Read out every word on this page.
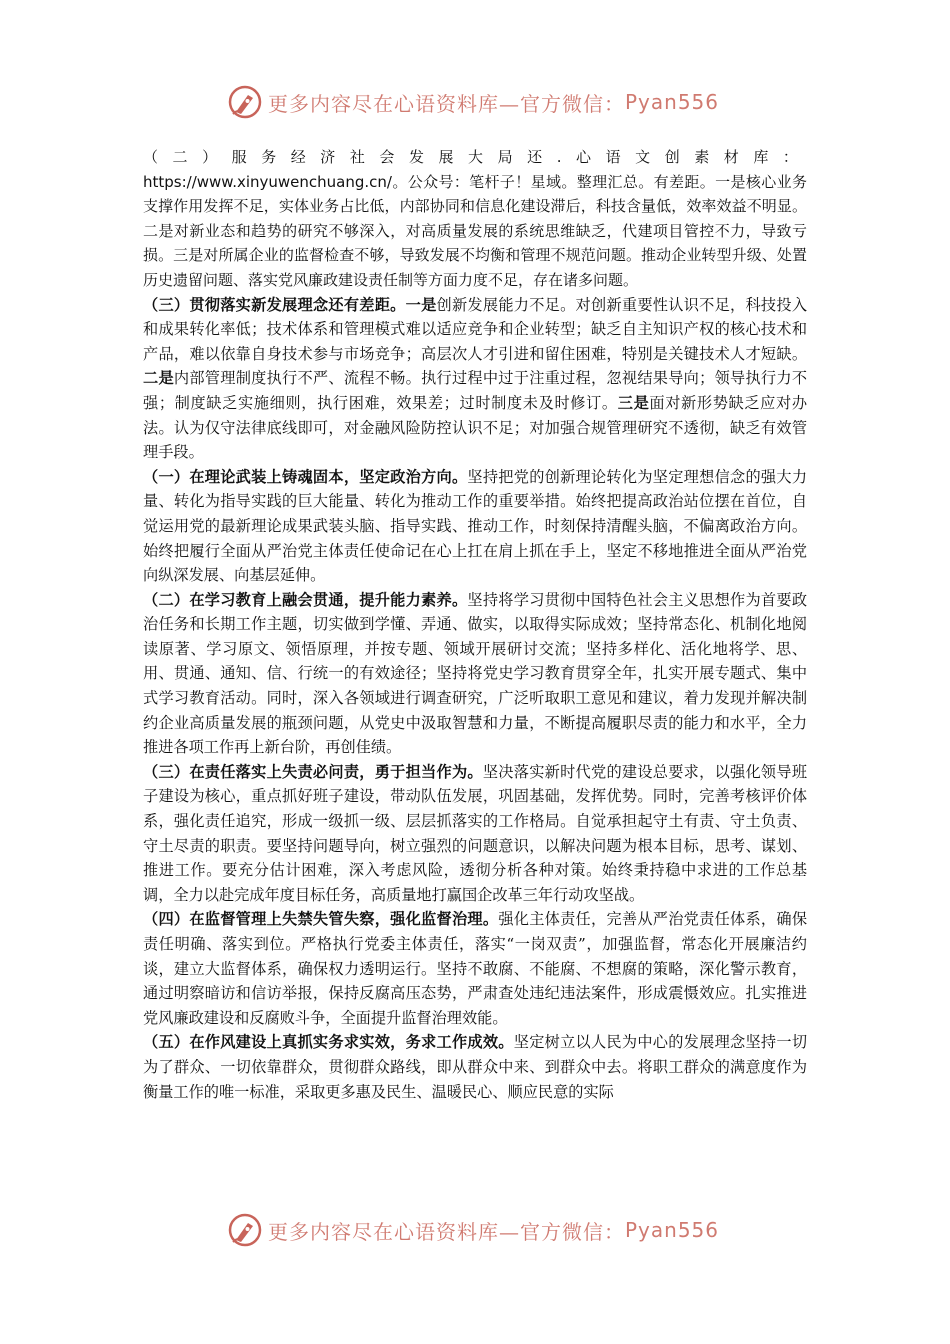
更多内容尽在心语资料库—官方微信： Pyan556

（二）服务经济社会发展大局还.心语文创素材库：https://www.xinyuwenchuang.cn/。公众号：笔杆子！星域。整理汇总。有差距。一是核心业务支撑作用发挥不足，实体业务占比低，内部协同和信息化建设滞后，科技含量低，效率效益不明显。二是对新业态和趋势的研究不够深入，对高质量发展的系统思维缺乏，代建项目管控不力，导致亏损。三是对所属企业的监督检查不够，导致发展不均衡和管理不规范问题。推动企业转型升级、处置历史遗留问题、落实党风廉政建设责任制等方面力度不足，存在诸多问题。

（三）贯彻落实新发展理念还有差距。一是创新发展能力不足。对创新重要性认识不足，科技投入和成果转化率低；技术体系和管理模式难以适应竞争和企业转型；缺乏自主知识产权的核心技术和产品，难以依靠自身技术参与市场竞争；高层次人才引进和留住困难，特别是关键技术人才短缺。二是内部管理制度执行不严、流程不畅。执行过程中过于注重过程，忽视结果导向；领导执行力不强；制度缺乏实施细则，执行困难，效果差；过时制度未及时修订。三是面对新形势缺乏应对办法。认为仅守法律底线即可，对金融风险防控认识不足；对加强合规管理研究不透彻，缺乏有效管理手段。

（一）在理论武装上铸魂固本，坚定政治方向。坚持把党的创新理论转化为坚定理想信念的强大力量、转化为指导实践的巨大能量、转化为推动工作的重要举措。始终把提高政治站位摆在首位，自觉运用党的最新理论成果武装头脑、指导实践、推动工作，时刻保持清醒头脑，不偏离政治方向。始终把履行全面从严治党主体责任使命记在心上扛在肩上抓在手上，坚定不移地推进全面从严治党向纵深发展、向基层延伸。

（二）在学习教育上融会贯通，提升能力素养。坚持将学习贯彻中国特色社会主义思想作为首要政治任务和长期工作主题，切实做到学懂、弄通、做实，以取得实际成效；坚持常态化、机制化地阅读原著、学习原文、领悟原理，并按专题、领域开展研讨交流；坚持多样化、活化地将学、思、用、贯通、通知、信、行统一的有效途径；坚持将党史学习教育贯穿全年，扎实开展专题式、集中式学习教育活动。同时，深入各领域进行调查研究，广泛听取职工意见和建议，着力发现并解决制约企业高质量发展的瓶颈问题，从党史中汲取智慧和力量，不断提高履职尽责的能力和水平，全力推进各项工作再上新台阶，再创佳绩。

（三）在责任落实上失责必问责，勇于担当作为。坚决落实新时代党的建设总要求，以强化领导班子建设为核心，重点抓好班子建设，带动队伍发展，巩固基础，发挥优势。同时，完善考核评价体系，强化责任追究，形成一级抓一级、层层抓落实的工作格局。自觉承担起守土有责、守土负责、守土尽责的职责。要坚持问题导向，树立强烈的问题意识，以解决问题为根本目标，思考、谋划、推进工作。要充分估计困难，深入考虑风险，透彻分析各种对策。始终秉持稳中求进的工作总基调，全力以赴完成年度目标任务，高质量地打赢国企改革三年行动攻坚战。

（四）在监督管理上失禁失管失察，强化监督治理。强化主体责任，完善从严治党责任体系，确保责任明确、落实到位。严格执行党委主体责任，落实“一岗双责”，加强监督，常态化开展廉洁约谈，建立大监督体系，确保权力透明运行。坚持不敢腐、不能腐、不想腐的策略，深化警示教育，通过明察暗访和信访举报，保持反腐高压态势，严肃查处违纪违法案件，形成震慑效应。扎实推进党风廉政建设和反腐败斗争，全面提升监督治理效能。

（五）在作风建设上真抓实务求实效，务求工作成效。坚定树立以人民为中心的发展理念坚持一切为了群众、一切依靠群众，贯彻群众路线，即从群众中来、到群众中去。将职工群众的满意度作为衡量工作的唯一标准，采取更多惠及民生、温暖民心、顺应民意的实际

更多内容尽在心语资料库—官方微信： Pyan556
